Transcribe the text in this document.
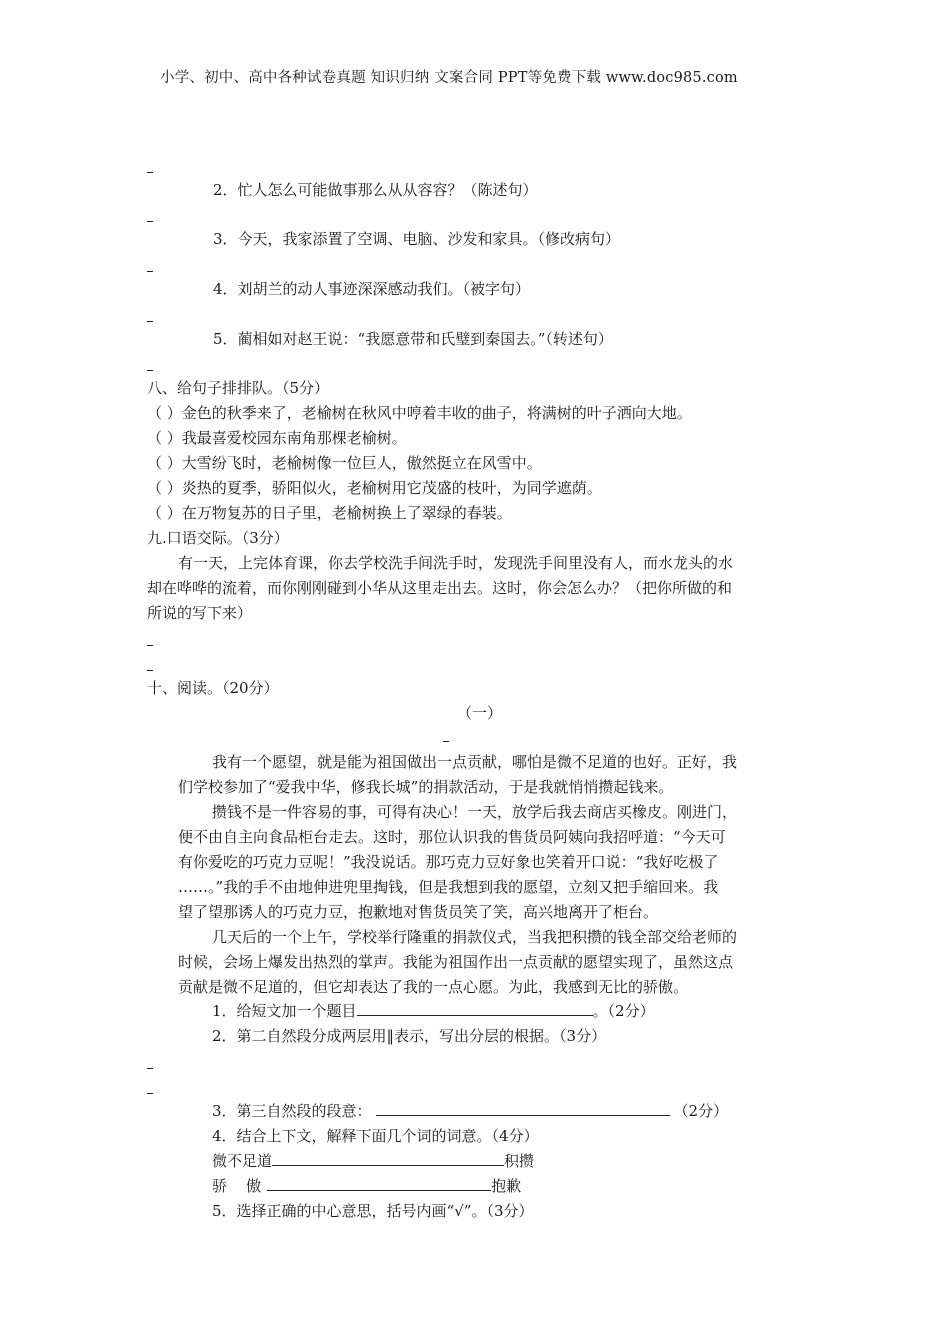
小学、初中、高中各种试卷真题 知识归纳 文案合同 PPT等免费下载 www.doc985.com
2．忙人怎么可能做事那么从从容容？（陈述句）
3．今天，我家添置了空调、电脑、沙发和家具。（修改病句）
4．刘胡兰的动人事迹深深感动我们。（被字句）
5．蔺相如对赵王说：“我愿意带和氏璧到秦国去。”（转述句）
八、给句子排排队。（5分）
（ ）金色的秋季来了，老榆树在秋风中哼着丰收的曲子，将满树的叶子洒向大地。
（ ）我最喜爱校园东南角那棵老榆树。
（ ）大雪纷飞时，老榆树像一位巨人，傲然挺立在风雪中。
（ ）炎热的夏季，骄阳似火，老榆树用它茂盛的枝叶，为同学遮荫。
（ ）在万物复苏的日子里，老榆树换上了翠绿的春装。
九.口语交际。（3分）
有一天，上完体育课，你去学校洗手间洗手时，发现洗手间里没有人，而水龙头的水
却在哗哗的流着，而你刚刚碰到小华从这里走出去。这时，你会怎么办？（把你所做的和
所说的写下来）
十、阅读。（20分）
（一）
我有一个愿望，就是能为祖国做出一点贡献，哪怕是微不足道的也好。正好，我
们学校参加了“爱我中华，修我长城”的捐款活动，于是我就悄悄攒起钱来。
攒钱不是一件容易的事，可得有决心！一天，放学后我去商店买橡皮。刚进门，
便不由自主向食品柜台走去。这时，那位认识我的售货员阿姨向我招呼道：“今天可
有你爱吃的巧克力豆呢！”我没说话。那巧克力豆好象也笑着开口说：“我好吃极了
……。”我的手不由地伸进兜里掏钱，但是我想到我的愿望，立刻又把手缩回来。我
望了望那诱人的巧克力豆，抱歉地对售货员笑了笑，高兴地离开了柜台。
几天后的一个上午，学校举行隆重的捐款仪式，当我把积攒的钱全部交给老师的
时候，会场上爆发出热烈的掌声。我能为祖国作出一点贡献的愿望实现了，虽然这点
贡献是微不足道的，但它却表达了我的一点心愿。为此，我感到无比的骄傲。
1．给短文加一个题目	。（2分）
2．第二自然段分成两层用‖表示，写出分层的根据。（3分）
3．第三自然段的段意：	（2分）
4．结合上下文，解释下面几个词的词意。（4分）
微不足道	积攒
骄    傲	抱歉
5．选择正确的中心意思，括号内画“√”。（3分）
